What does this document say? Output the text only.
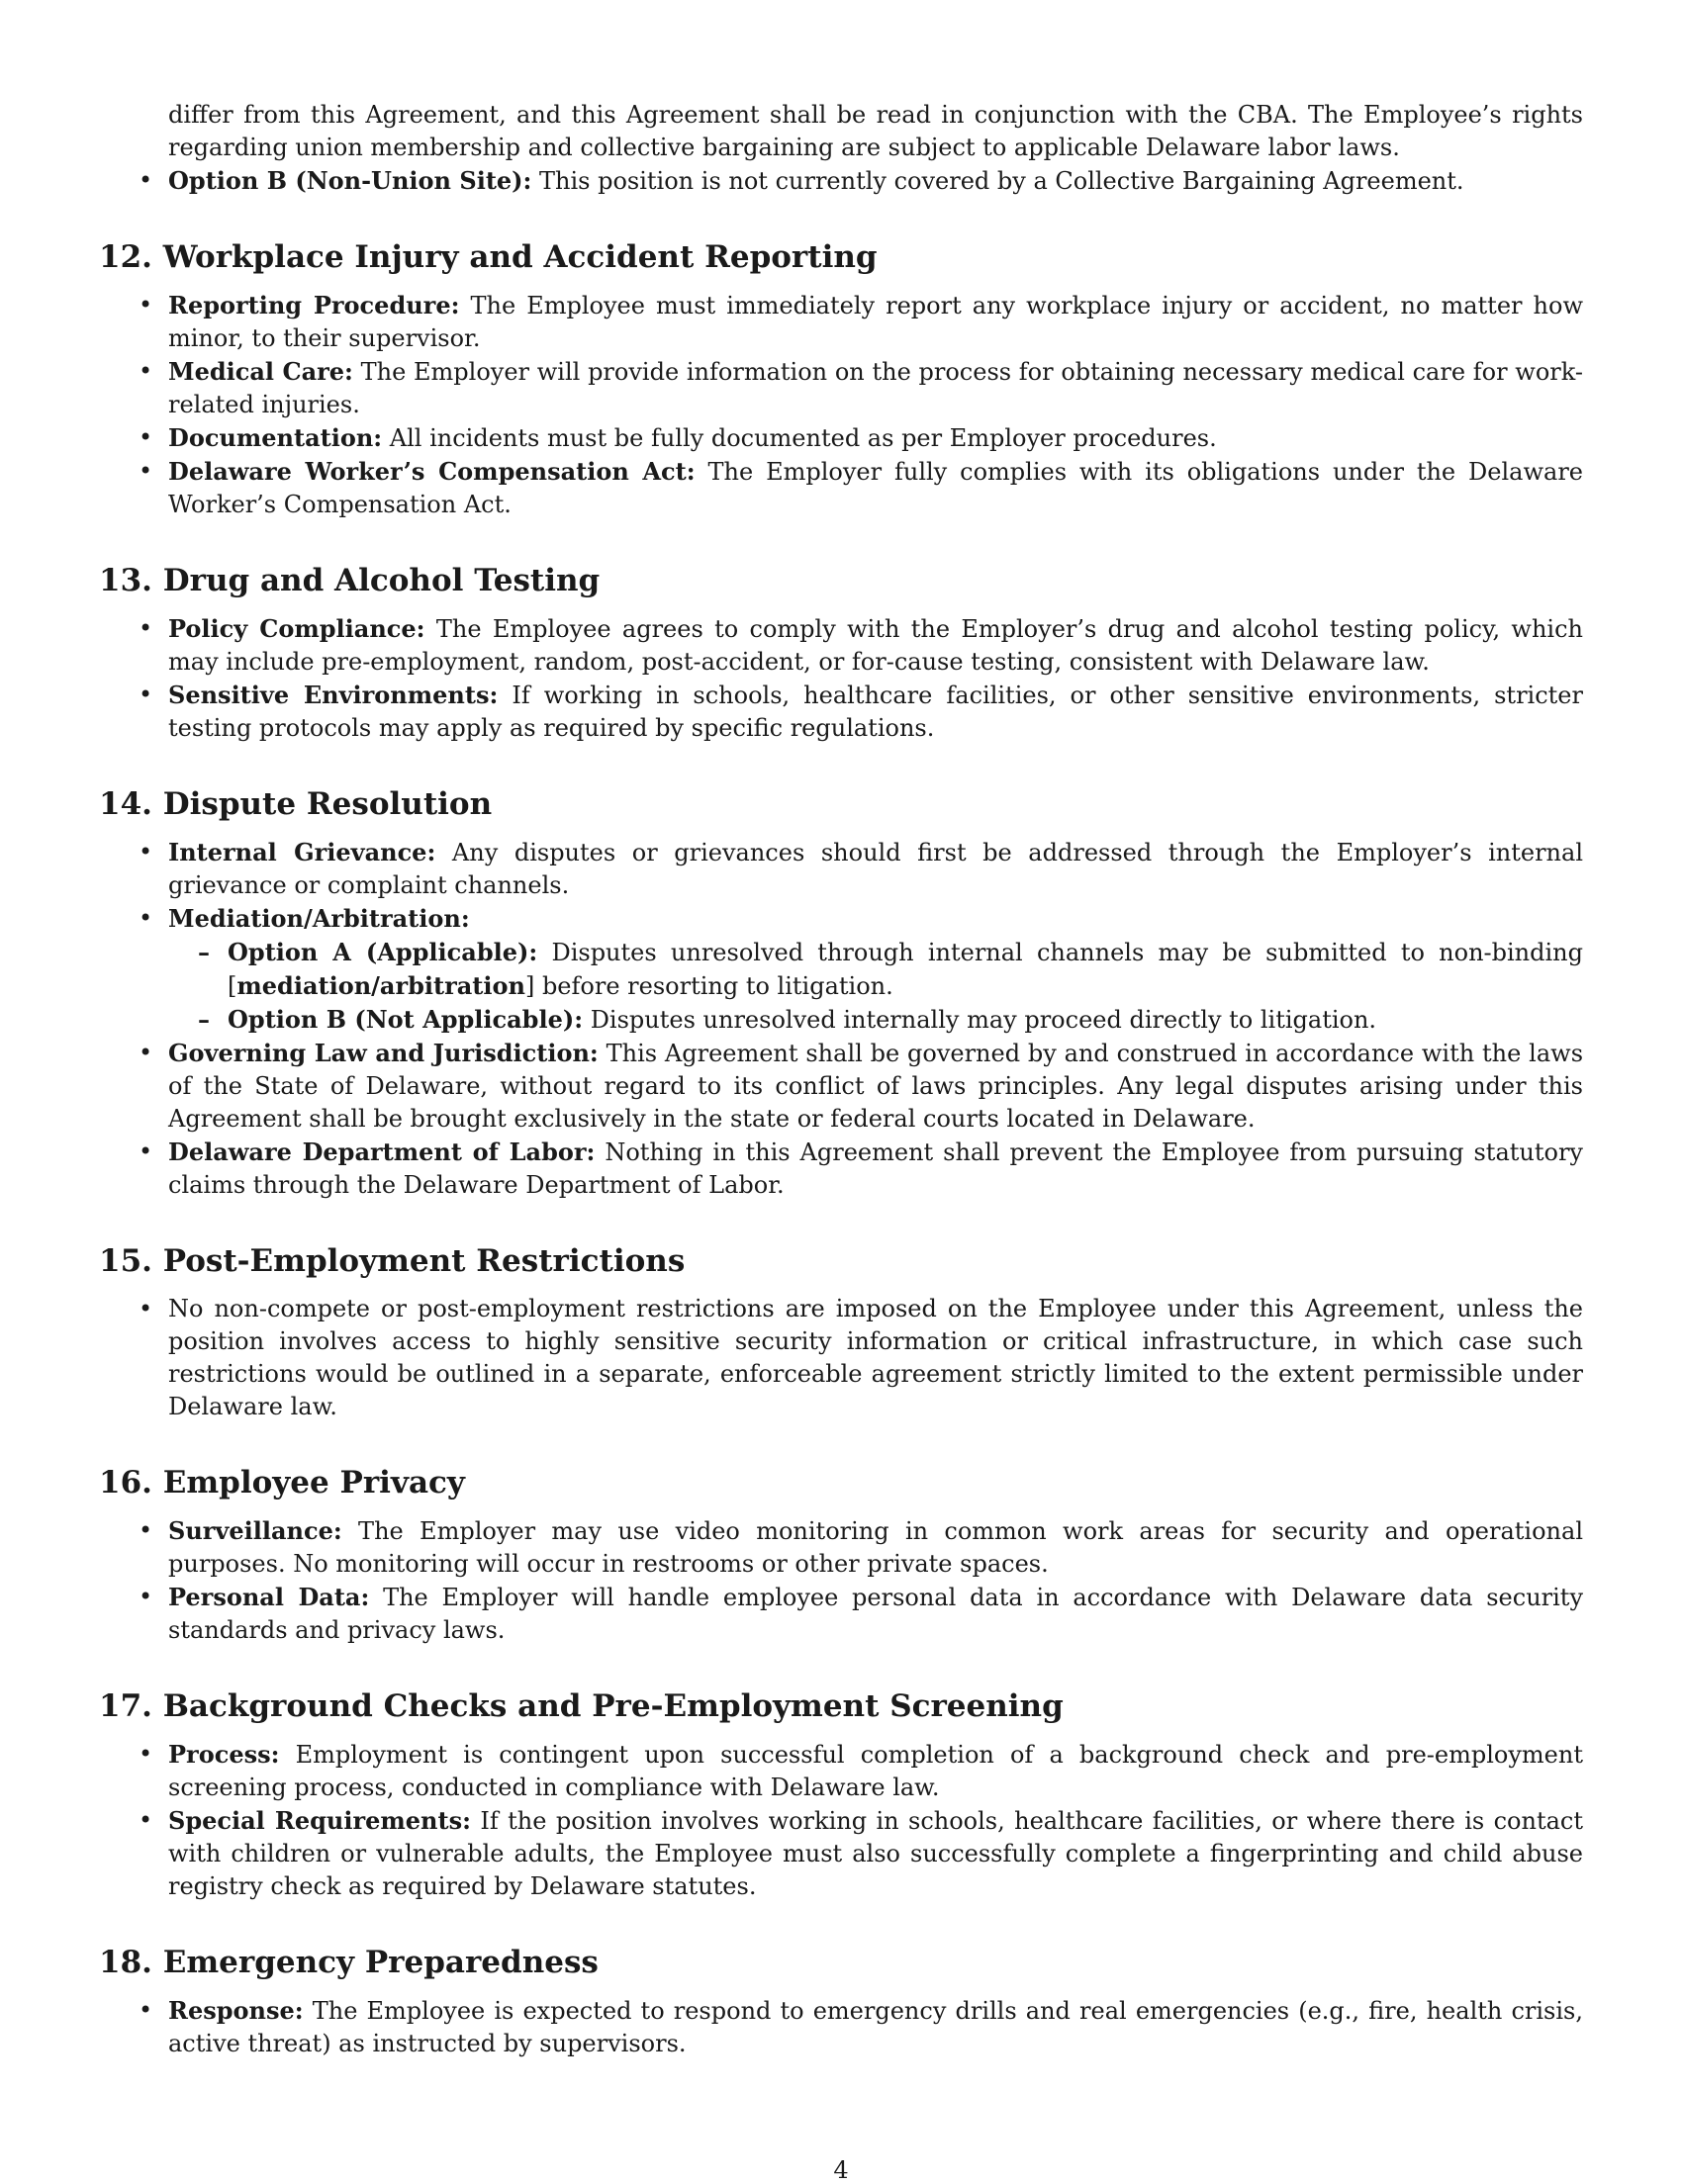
differ from this Agreement, and this Agreement shall be read in conjunction with the CBA. The Employee’s rights regarding union membership and collective bargaining are subject to applicable Delaware labor laws.
• Option B (Non-Union Site): This position is not currently covered by a Collective Bargaining Agreement.
12. Workplace Injury and Accident Reporting
• Reporting Procedure: The Employee must immediately report any workplace injury or accident, no matter how minor, to their supervisor.
• Medical Care: The Employer will provide information on the process for obtaining necessary medical care for work-related injuries.
• Documentation: All incidents must be fully documented as per Employer procedures.
• Delaware Worker’s Compensation Act: The Employer fully complies with its obligations under the Delaware Worker’s Compensation Act.
13. Drug and Alcohol Testing
• Policy Compliance: The Employee agrees to comply with the Employer’s drug and alcohol testing policy, which may include pre-employment, random, post-accident, or for-cause testing, consistent with Delaware law.
• Sensitive Environments: If working in schools, healthcare facilities, or other sensitive environments, stricter testing protocols may apply as required by specific regulations.
14. Dispute Resolution
• Internal Grievance: Any disputes or grievances should first be addressed through the Employer’s internal grievance or complaint channels.
• Mediation/Arbitration:
– Option A (Applicable): Disputes unresolved through internal channels may be submitted to non-binding [mediation/arbitration] before resorting to litigation.
– Option B (Not Applicable): Disputes unresolved internally may proceed directly to litigation.
• Governing Law and Jurisdiction: This Agreement shall be governed by and construed in accordance with the laws of the State of Delaware, without regard to its conflict of laws principles. Any legal disputes arising under this Agreement shall be brought exclusively in the state or federal courts located in Delaware.
• Delaware Department of Labor: Nothing in this Agreement shall prevent the Employee from pursuing statutory claims through the Delaware Department of Labor.
15. Post-Employment Restrictions
• No non-compete or post-employment restrictions are imposed on the Employee under this Agreement, unless the position involves access to highly sensitive security information or critical infrastructure, in which case such restrictions would be outlined in a separate, enforceable agreement strictly limited to the extent permissible under Delaware law.
16. Employee Privacy
• Surveillance: The Employer may use video monitoring in common work areas for security and operational purposes. No monitoring will occur in restrooms or other private spaces.
• Personal Data: The Employer will handle employee personal data in accordance with Delaware data security standards and privacy laws.
17. Background Checks and Pre-Employment Screening
• Process: Employment is contingent upon successful completion of a background check and pre-employment screening process, conducted in compliance with Delaware law.
• Special Requirements: If the position involves working in schools, healthcare facilities, or where there is contact with children or vulnerable adults, the Employee must also successfully complete a fingerprinting and child abuse registry check as required by Delaware statutes.
18. Emergency Preparedness
• Response: The Employee is expected to respond to emergency drills and real emergencies (e.g., fire, health crisis, active threat) as instructed by supervisors.
4
